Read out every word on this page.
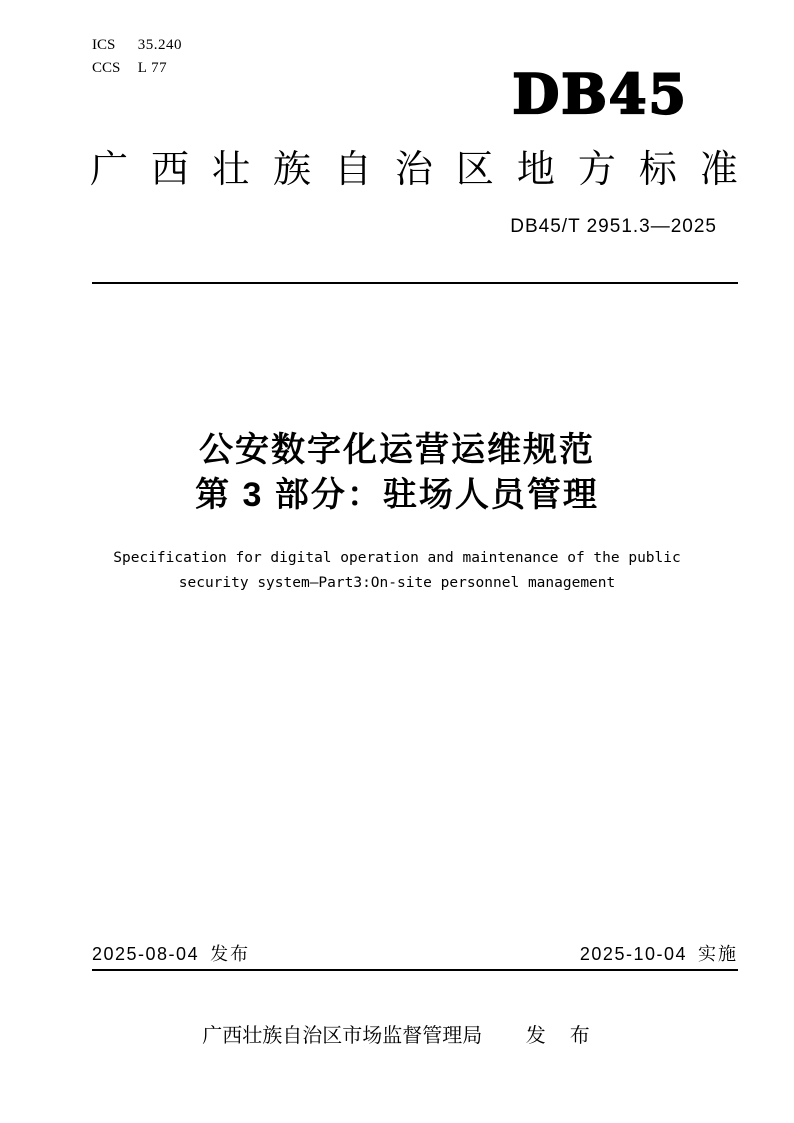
ICS 35.240
CCS L 77	DB45
广 西 壮 族 自 治 区 地 方 标 准
DB45/T 2951.3—2025
公安数字化运营运维规范
第 3 部分：驻场人员管理
Specification for digital operation and maintenance of the public
security system—Part3:On-site personnel management
2025-08-04 发布	2025-10-04 实施
广西壮族自治区市场监督管理局 发　布
